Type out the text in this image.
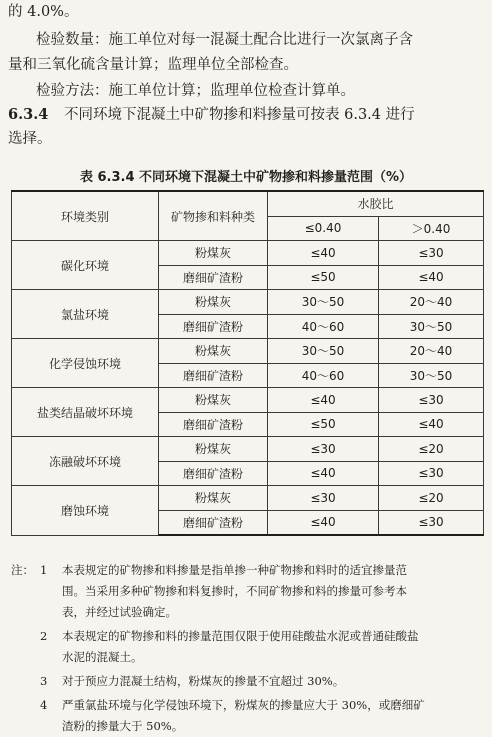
的 4.0%。
检验数量：施工单位对每一混凝土配合比进行一次氯离子含
量和三氧化硫含量计算；监理单位全部检查。
检验方法：施工单位计算；监理单位检查计算单。
6.3.4 不同环境下混凝土中矿物掺和料掺量可按表 6.3.4 进行
选择。
表 6.3.4 不同环境下混凝土中矿物掺和料掺量范围（%）
环境类别	矿物掺和料种类	水胶比	
		≤0.40	＞0.40
碳化环境	粉煤灰	≤40	≤30
	磨细矿渣粉	≤50	≤40
氯盐环境	粉煤灰	30～50	20～40
	磨细矿渣粉	40～60	30～50
化学侵蚀环境	粉煤灰	30～50	20～40
	磨细矿渣粉	40～60	30～50
盐类结晶破坏环境	粉煤灰	≤40	≤30
	磨细矿渣粉	≤50	≤40
冻融破坏环境	粉煤灰	≤30	≤20
	磨细矿渣粉	≤40	≤30
磨蚀环境	粉煤灰	≤30	≤20
	磨细矿渣粉	≤40	≤30
注： 1 本表规定的矿物掺和料掺量是指单掺一种矿物掺和料时的适宜掺量范
围。当采用多种矿物掺和料复掺时，不同矿物掺和料的掺量可参考本
表，并经过试验确定。
2 本表规定的矿物掺和料的掺量范围仅限于使用硅酸盐水泥或普通硅酸盐
水泥的混凝土。
3 对于预应力混凝土结构，粉煤灰的掺量不宜超过 30%。
4 严重氯盐环境与化学侵蚀环境下，粉煤灰的掺量应大于 30%，或磨细矿
渣粉的掺量大于 50%。
